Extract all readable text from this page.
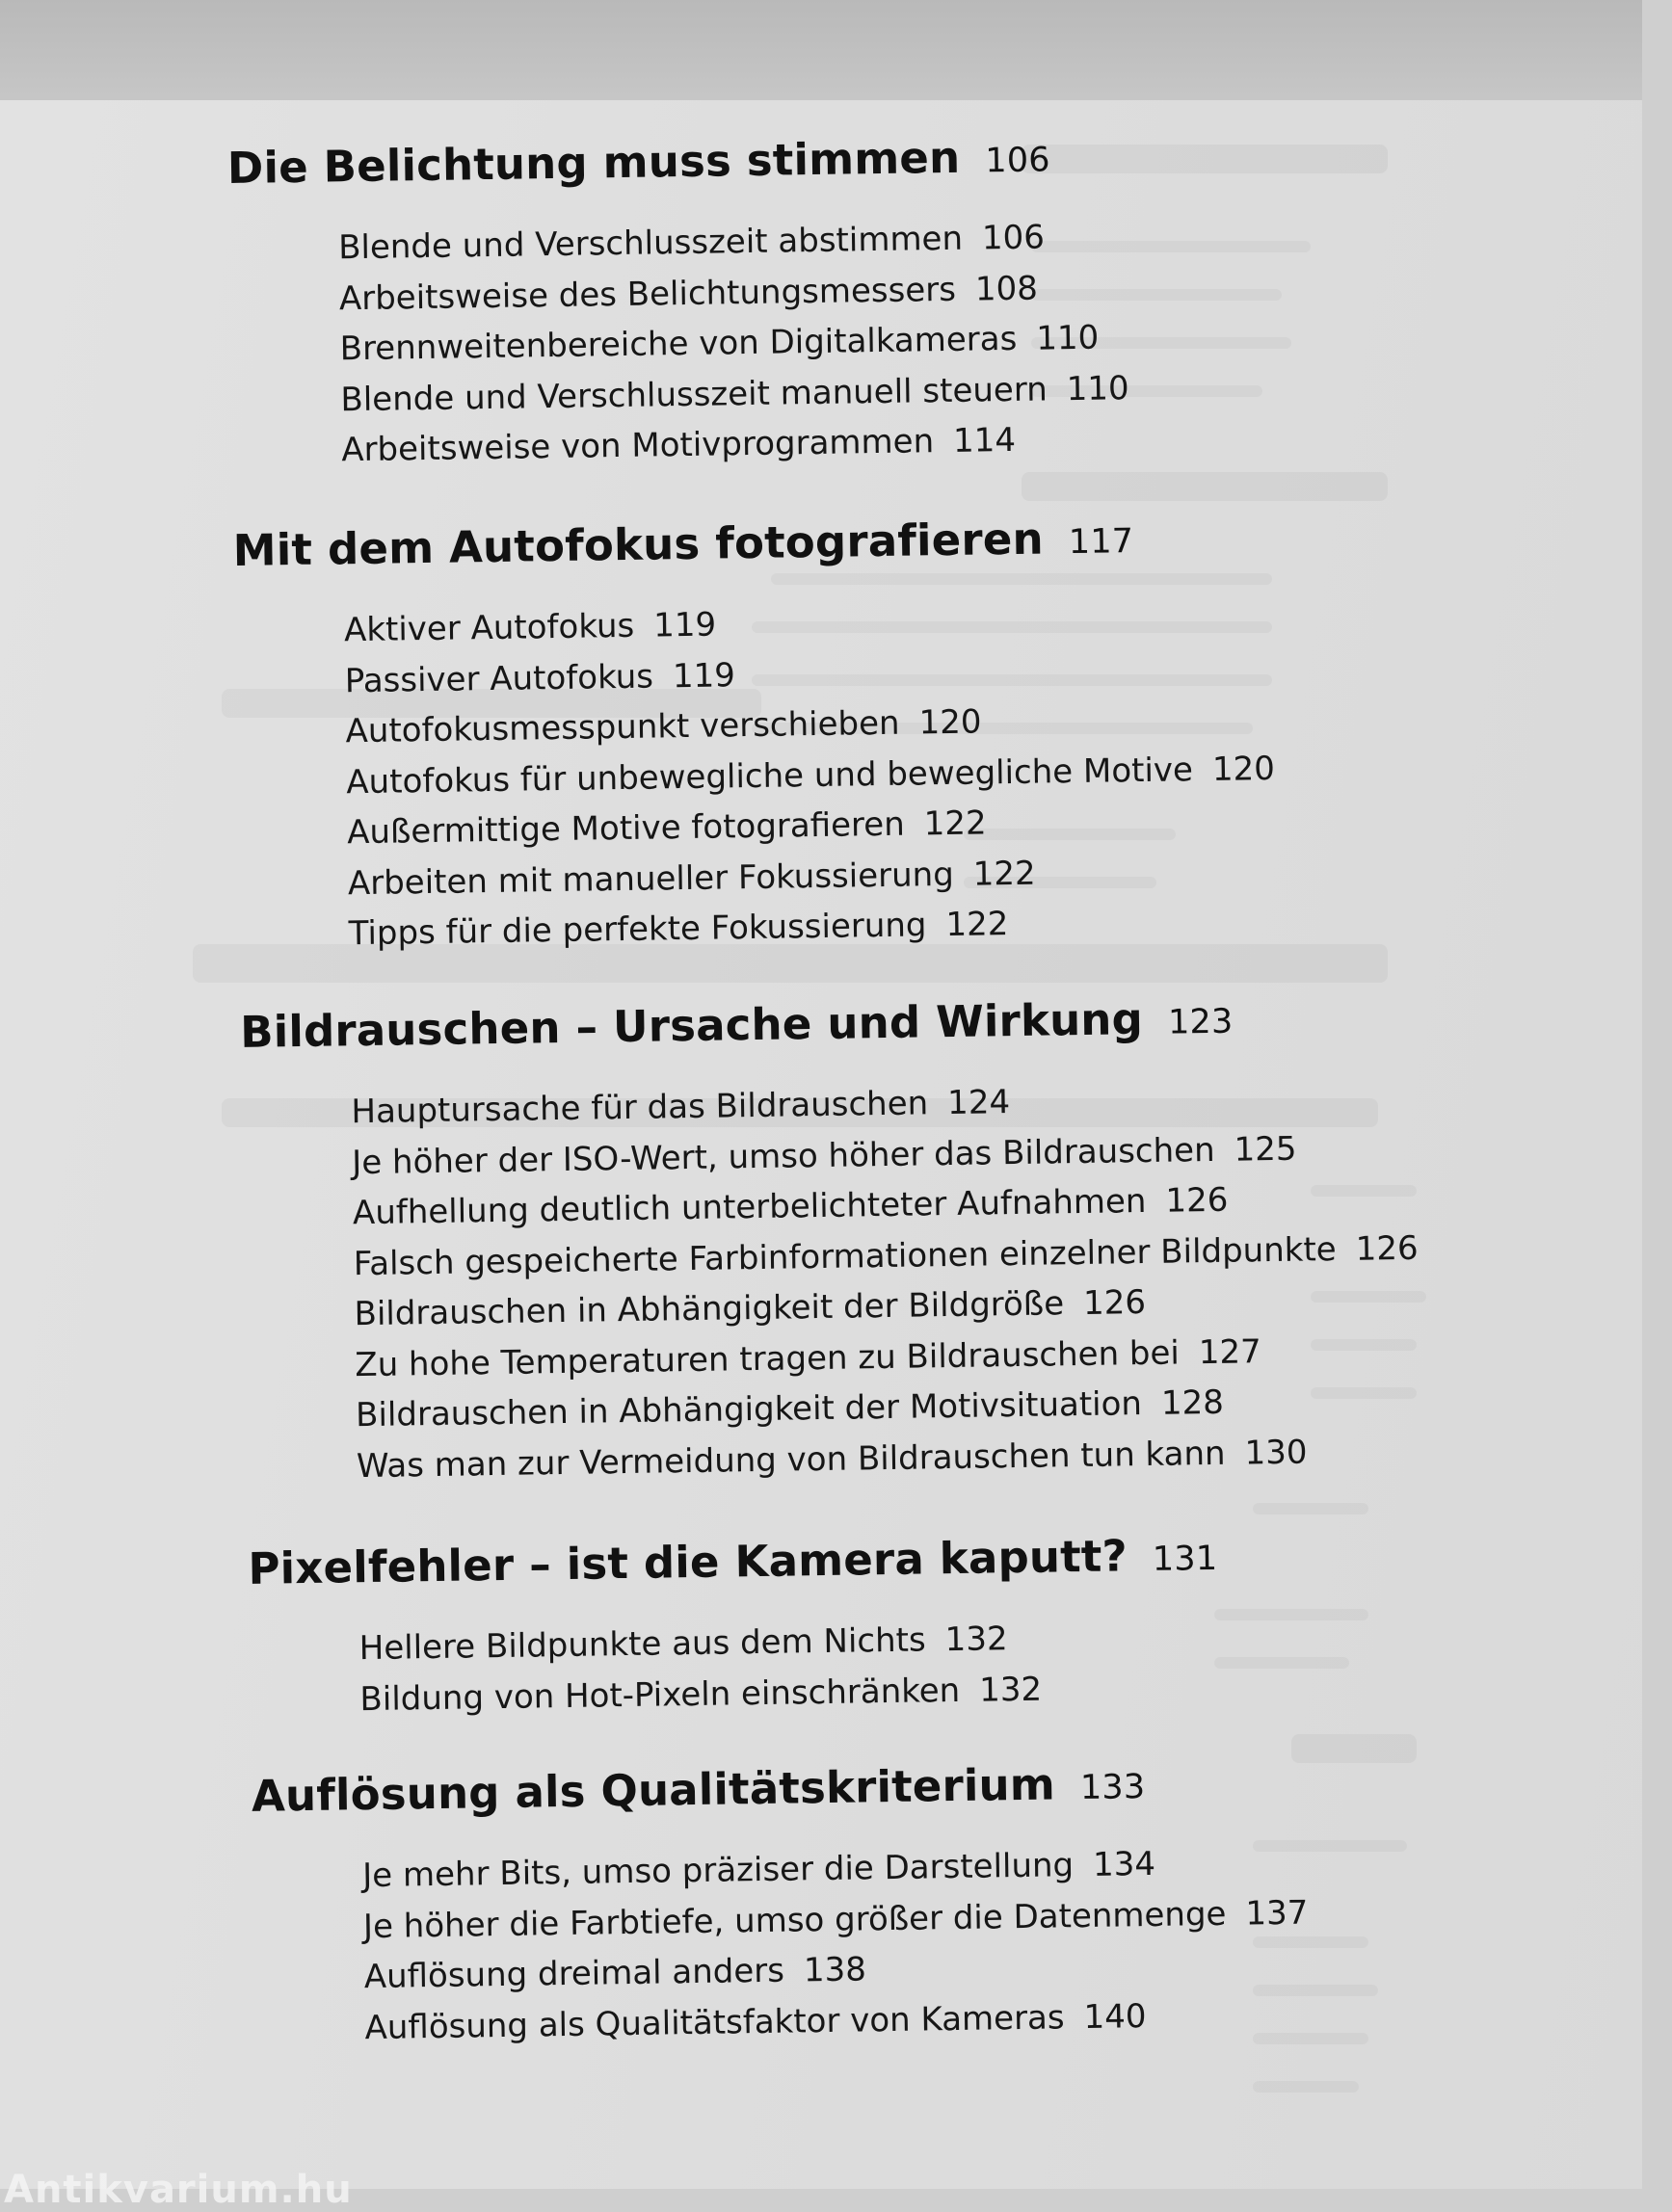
Die Belichtung muss stimmen 106
Blende und Verschlusszeit abstimmen 106
Arbeitsweise des Belichtungsmessers 108
Brennweitenbereiche von Digitalkameras 110
Blende und Verschlusszeit manuell steuern 110
Arbeitsweise von Motivprogrammen 114
Mit dem Autofokus fotografieren 117
Aktiver Autofokus 119
Passiver Autofokus 119
Autofokusmesspunkt verschieben 120
Autofokus für unbewegliche und bewegliche Motive 120
Außermittige Motive fotografieren 122
Arbeiten mit manueller Fokussierung 122
Tipps für die perfekte Fokussierung 122
Bildrauschen – Ursache und Wirkung 123
Hauptursache für das Bildrauschen 124
Je höher der ISO-Wert, umso höher das Bildrauschen 125
Aufhellung deutlich unterbelichteter Aufnahmen 126
Falsch gespeicherte Farbinformationen einzelner Bildpunkte 126
Bildrauschen in Abhängigkeit der Bildgröße 126
Zu hohe Temperaturen tragen zu Bildrauschen bei 127
Bildrauschen in Abhängigkeit der Motivsituation 128
Was man zur Vermeidung von Bildrauschen tun kann 130
Pixelfehler – ist die Kamera kaputt? 131
Hellere Bildpunkte aus dem Nichts 132
Bildung von Hot-Pixeln einschränken 132
Auflösung als Qualitätskriterium 133
Je mehr Bits, umso präziser die Darstellung 134
Je höher die Farbtiefe, umso größer die Datenmenge 137
Auflösung dreimal anders 138
Auflösung als Qualitätsfaktor von Kameras 140
Antikvarium.hu
